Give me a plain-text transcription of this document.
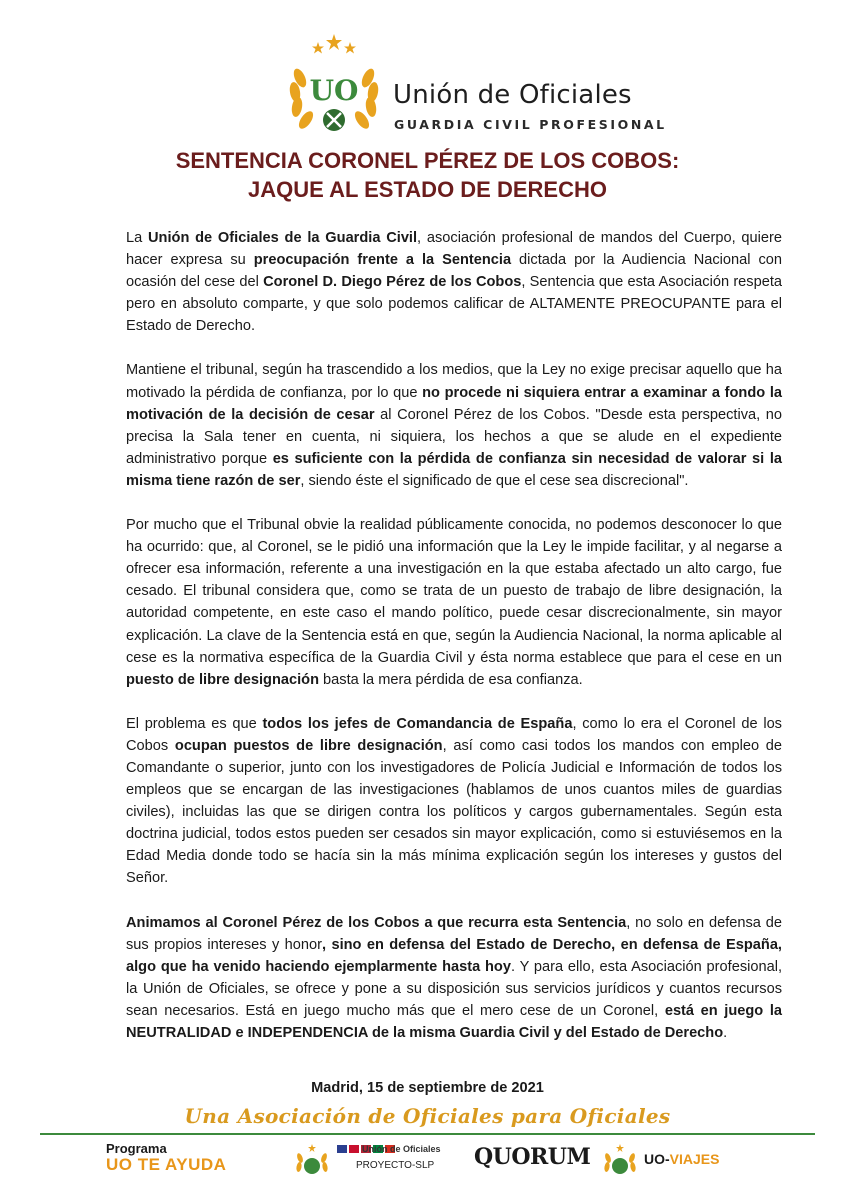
UO Unión de Oficiales
GUARDIA CIVIL PROFESIONAL
SENTENCIA CORONEL PÉREZ DE LOS COBOS:
JAQUE AL ESTADO DE DERECHO

La Unión de Oficiales de la Guardia Civil, asociación profesional de mandos del Cuerpo, quiere hacer expresa su preocupación frente a la Sentencia dictada por la Audiencia Nacional con ocasión del cese del Coronel D. Diego Pérez de los Cobos, Sentencia que esta Asociación respeta pero en absoluto comparte, y que solo podemos calificar de ALTAMENTE PREOCUPANTE para el Estado de Derecho.

Mantiene el tribunal, según ha trascendido a los medios, que la Ley no exige precisar aquello que ha motivado la pérdida de confianza, por lo que no procede ni siquiera entrar a examinar a fondo la motivación de la decisión de cesar al Coronel Pérez de los Cobos. "Desde esta perspectiva, no precisa la Sala tener en cuenta, ni siquiera, los hechos a que se alude en el expediente administrativo porque es suficiente con la pérdida de confianza sin necesidad de valorar si la misma tiene razón de ser, siendo éste el significado de que el cese sea discrecional".

Por mucho que el Tribunal obvie la realidad públicamente conocida, no podemos desconocer lo que ha ocurrido: que, al Coronel, se le pidió una información que la Ley le impide facilitar, y al negarse a ofrecer esa información, referente a una investigación en la que estaba afectado un alto cargo, fue cesado. El tribunal considera que, como se trata de un puesto de trabajo de libre designación, la autoridad competente, en este caso el mando político, puede cesar discrecionalmente, sin mayor explicación. La clave de la Sentencia está en que, según la Audiencia Nacional, la norma aplicable al cese es la normativa específica de la Guardia Civil y ésta norma establece que para el cese en un puesto de libre designación basta la mera pérdida de esa confianza.

El problema es que todos los jefes de Comandancia de España, como lo era el Coronel de los Cobos ocupan puestos de libre designación, así como casi todos los mandos con empleo de Comandante o superior, junto con los investigadores de Policía Judicial e Información de todos los empleos que se encargan de las investigaciones (hablamos de unos cuantos miles de guardias civiles), incluidas las que se dirigen contra los políticos y cargos gubernamentales. Según esta doctrina judicial, todos estos pueden ser cesados sin mayor explicación, como si estuviésemos en la Edad Media donde todo se hacía sin la más mínima explicación según los intereses y gustos del Señor.

Animamos al Coronel Pérez de los Cobos a que recurra esta Sentencia, no solo en defensa de sus propios intereses y honor, sino en defensa del Estado de Derecho, en defensa de España, algo que ha venido haciendo ejemplarmente hasta hoy. Y para ello, esta Asociación profesional, la Unión de Oficiales, se ofrece y pone a su disposición sus servicios jurídicos y cuantos recursos sean necesarios. Está en juego mucho más que el mero cese de un Coronel, está en juego la NEUTRALIDAD e INDEPENDENCIA de la misma Guardia Civil y del Estado de Derecho.

Madrid, 15 de septiembre de 2021
Una Asociación de Oficiales para Oficiales
Programa
UO TE AYUDA
Unión de Oficiales
PROYECTO-SLP QUORUM	UO-VIAJES
